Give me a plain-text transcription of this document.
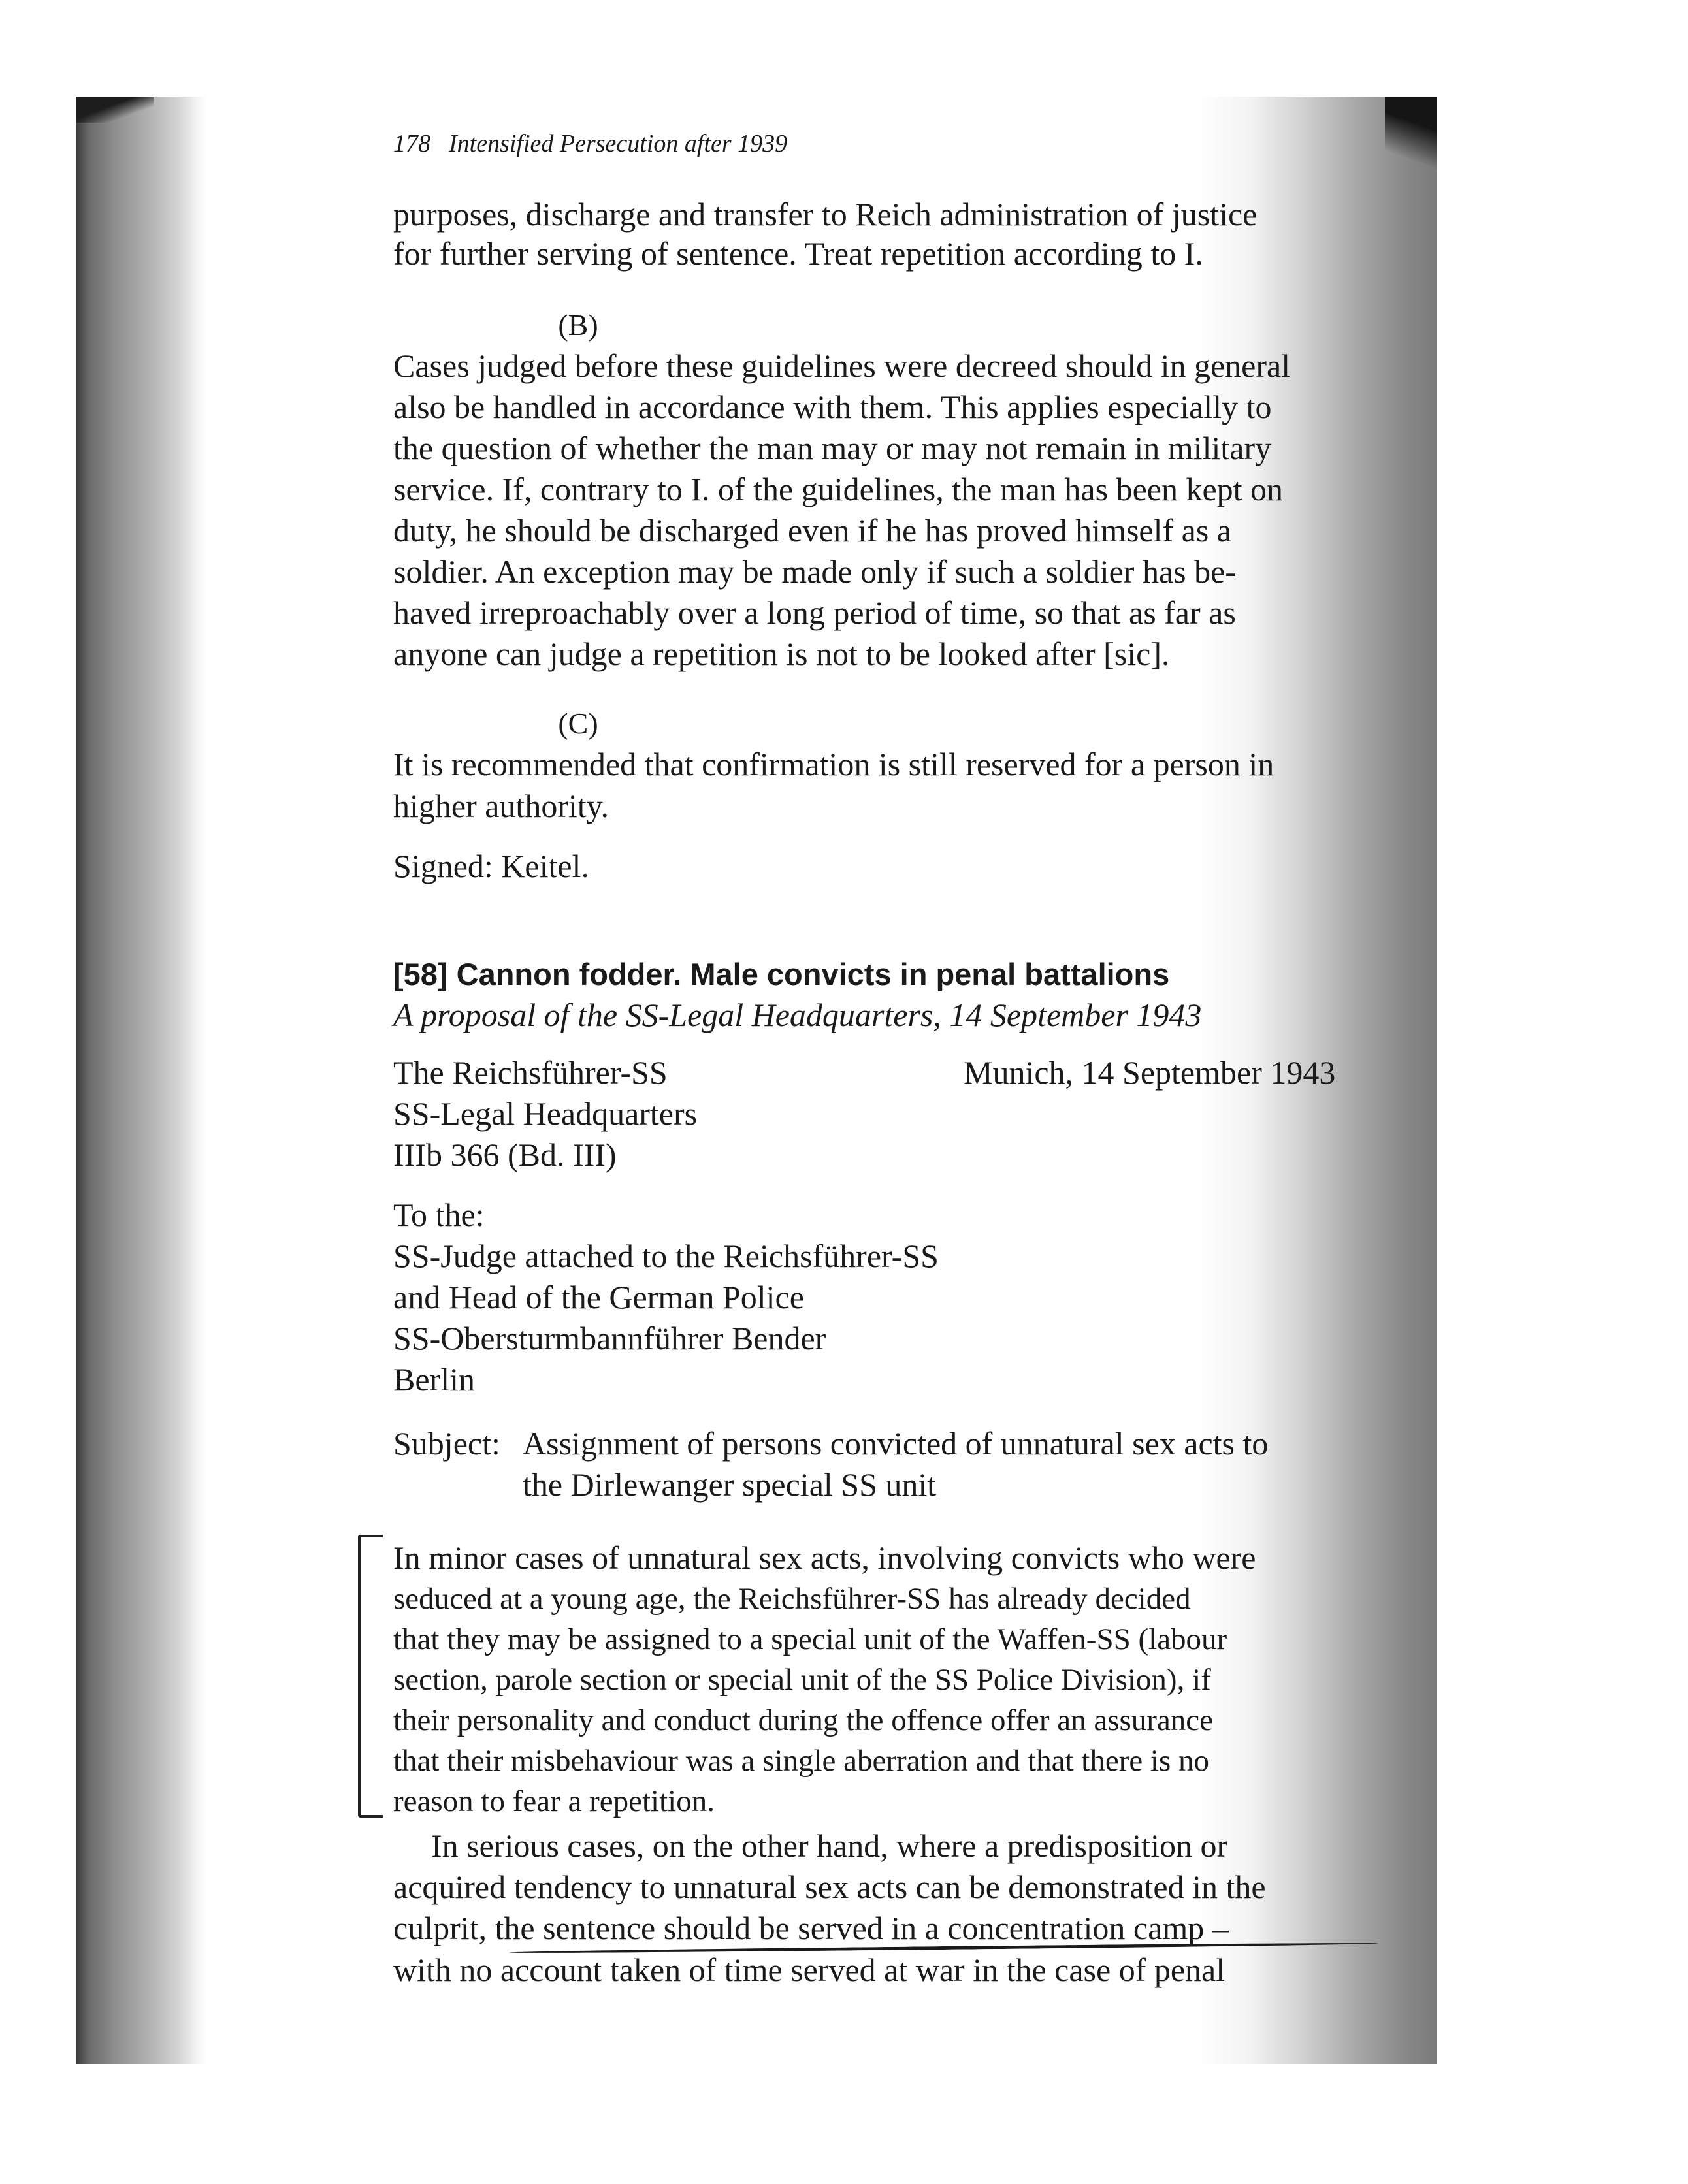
178 Intensified Persecution after 1939
purposes, discharge and transfer to Reich administration of justice
for further serving of sentence. Treat repetition according to I.
(B)
Cases judged before these guidelines were decreed should in general
also be handled in accordance with them. This applies especially to
the question of whether the man may or may not remain in military
service. If, contrary to I. of the guidelines, the man has been kept on
duty, he should be discharged even if he has proved himself as a
soldier. An exception may be made only if such a soldier has be-
haved irreproachably over a long period of time, so that as far as
anyone can judge a repetition is not to be looked after [sic].
(C)
It is recommended that confirmation is still reserved for a person in
higher authority.
Signed: Keitel.
[58] Cannon fodder. Male convicts in penal battalions
A proposal of the SS-Legal Headquarters, 14 September 1943
The Reichsführer-SS	Munich, 14 September 1943
SS-Legal Headquarters
IIIb 366 (Bd. III)
To the:
SS-Judge attached to the Reichsführer-SS
and Head of the German Police
SS-Obersturmbannführer Bender
Berlin
Subject: Assignment of persons convicted of unnatural sex acts to
the Dirlewanger special SS unit
In minor cases of unnatural sex acts, involving convicts who were
seduced at a young age, the Reichsführer-SS has already decided
that they may be assigned to a special unit of the Waffen-SS (labour
section, parole section or special unit of the SS Police Division), if
their personality and conduct during the offence offer an assurance
that their misbehaviour was a single aberration and that there is no
reason to fear a repetition.
In serious cases, on the other hand, where a predisposition or
acquired tendency to unnatural sex acts can be demonstrated in the
culprit, the sentence should be served in a concentration camp –
with no account taken of time served at war in the case of penal
